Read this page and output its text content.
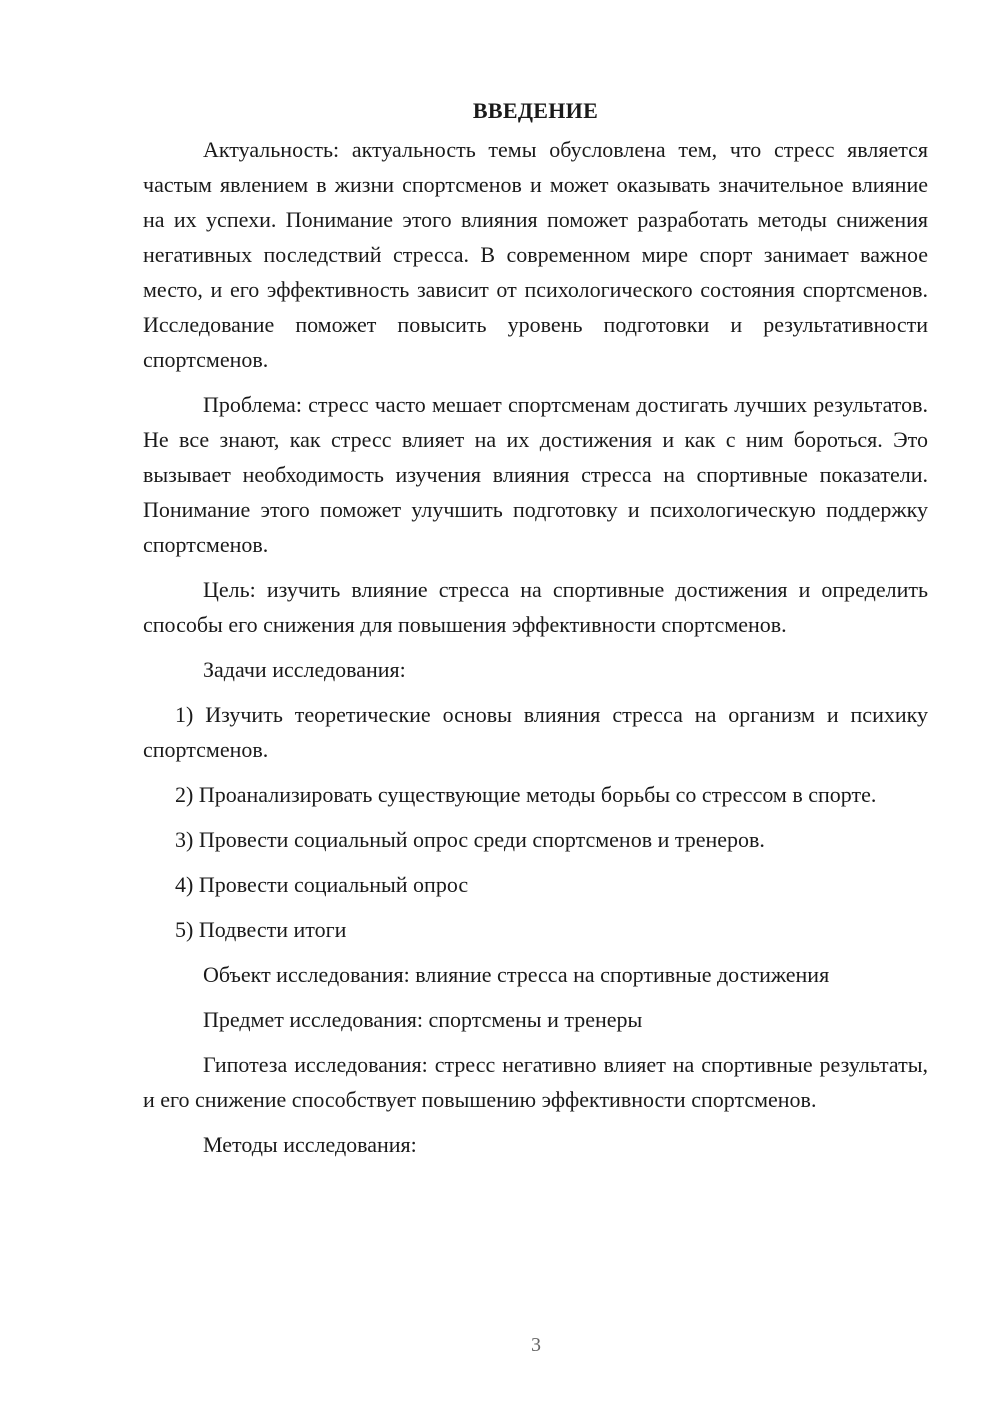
ВВЕДЕНИЕ

Актуальность: актуальность темы обусловлена тем, что стресс является частым явлением в жизни спортсменов и может оказывать значительное влияние на их успехи. Понимание этого влияния поможет разработать методы снижения негативных последствий стресса. В современном мире спорт занимает важное место, и его эффективность зависит от психологического состояния спортсменов. Исследование поможет повысить уровень подготовки и результативности спортсменов.

Проблема: стресс часто мешает спортсменам достигать лучших результатов. Не все знают, как стресс влияет на их достижения и как с ним бороться. Это вызывает необходимость изучения влияния стресса на спортивные показатели. Понимание этого поможет улучшить подготовку и психологическую поддержку спортсменов.

Цель: изучить влияние стресса на спортивные достижения и определить способы его снижения для повышения эффективности спортсменов.

Задачи исследования:

1) Изучить теоретические основы влияния стресса на организм и психику спортсменов.

2) Проанализировать существующие методы борьбы со стрессом в спорте.

3) Провести социальный опрос среди спортсменов и тренеров.

4) Провести социальный опрос

5) Подвести итоги

Объект исследования: влияние стресса на спортивные достижения

Предмет исследования: спортсмены и тренеры

Гипотеза исследования: стресс негативно влияет на спортивные результаты, и его снижение способствует повышению эффективности спортсменов.

Методы исследования:

3
